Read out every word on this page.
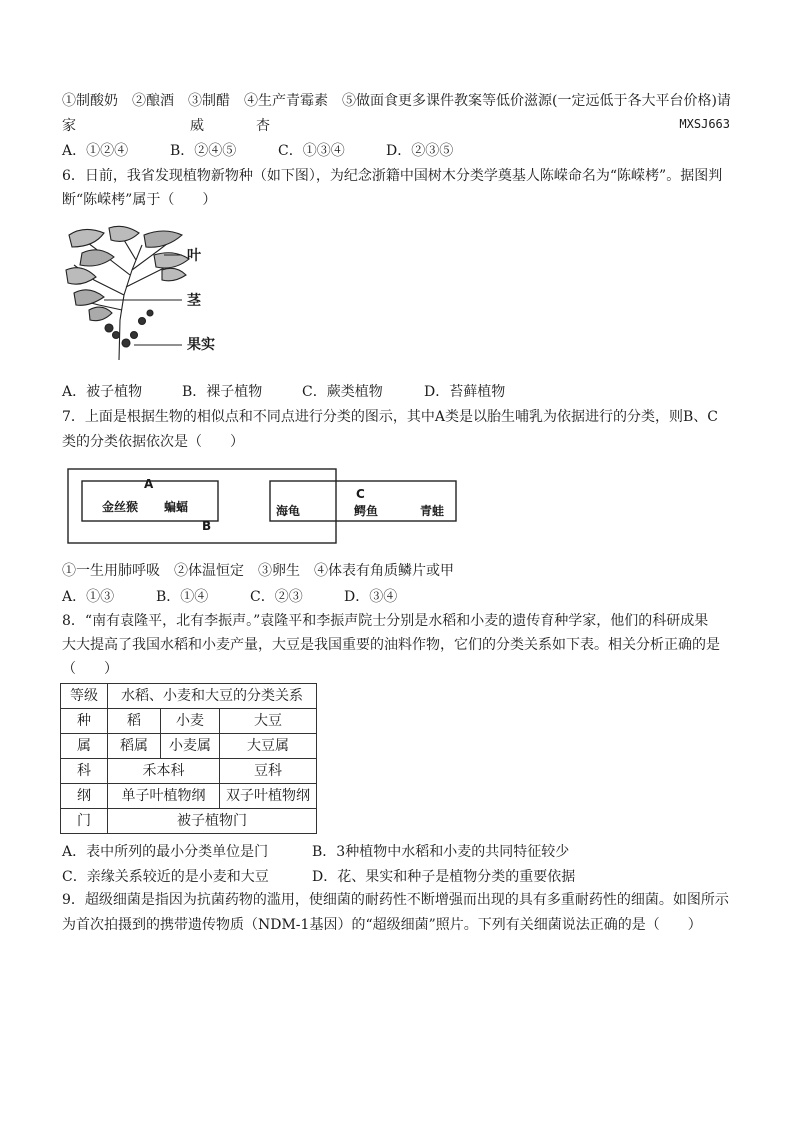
①制酸奶　②酿酒　③制醋　④生产青霉素　⑤做面食更多课件教案等低价滋源(一定远低于各大平台价格)请
家	威	杏	MXSJ663
A．①②④	B．②④⑤	C．①③④	D．②③⑤
6．日前，我省发现植物新物种（如下图），为纪念浙籍中国树木分类学奠基人陈嵘命名为“陈嵘栲”。据图判
断“陈嵘栲”属于（　　）
叶
茎
果实
A．被子植物	B．裸子植物	C．蕨类植物	D．苔藓植物
7．上面是根据生物的相似点和不同点进行分类的图示，其中A类是以胎生哺乳为依据进行的分类，则B、C
类的分类依据依次是（　　）
A
B
C
金丝猴 蝙蝠	海龟	鳄鱼	青蛙
①一生用肺呼吸　②体温恒定　③卵生　④体表有角质鳞片或甲
A．①③	B．①④	C．②③	D．③④
8．“南有袁隆平，北有李振声。”袁隆平和李振声院士分别是水稻和小麦的遗传育种学家，他们的科研成果
大大提高了我国水稻和小麦产量，大豆是我国重要的油料作物，它们的分类关系如下表。相关分析正确的是
（　　）
等级	水稻、小麦和大豆的分类关系		
种	稻	小麦	大豆
属	稻属	小麦属	大豆属
科	禾本科		豆科
纲	单子叶植物纲		双子叶植物纲
门	被子植物门		
A．表中所列的最小分类单位是门	B．3种植物中水稻和小麦的共同特征较少
C．亲缘关系较近的是小麦和大豆	D．花、果实和种子是植物分类的重要依据
9．超级细菌是指因为抗菌药物的滥用，使细菌的耐药性不断增强而出现的具有多重耐药性的细菌。如图所示
为首次拍摄到的携带遗传物质（NDM-1基因）的“超级细菌”照片。下列有关细菌说法正确的是（　　）
